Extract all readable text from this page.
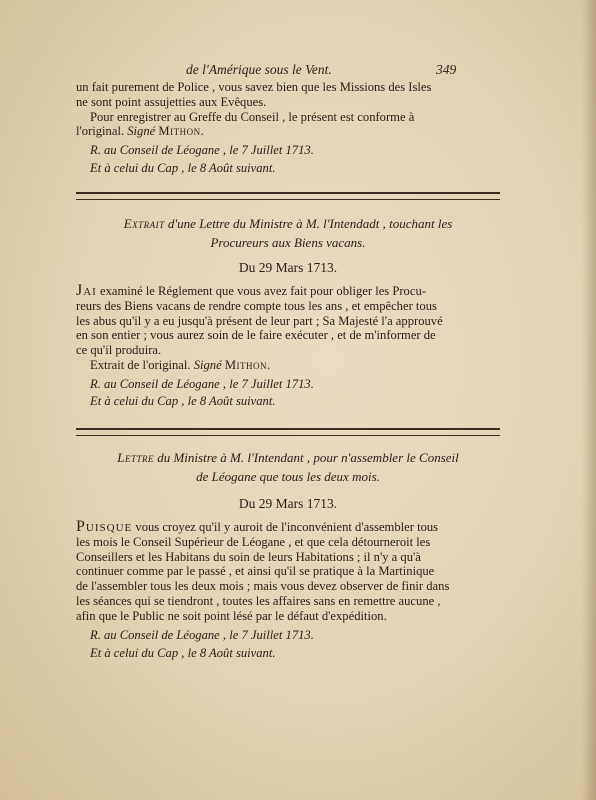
de l'Amérique sous le Vent.	349

un fait purement de Police , vous savez bien que les Missions des Isles

ne sont point assujetties aux Evêques.

Pour enregistrer au Greffe du Conseil , le présent est conforme à

l'original. Signé Mithon.

R. au Conseil de Léogane , le 7 Juillet 1713.

Et à celui du Cap , le 8 Août suivant.

Extrait d'une Lettre du Ministre à M. l'Intendadt , touchant les
Procureurs aux Biens vacans.
Du 29 Mars 1713.

Jai examiné le Réglement que vous avez fait pour obliger les Procu-

reurs des Biens vacans de rendre compte tous les ans , et empêcher tous

les abus qu'il y a eu jusqu'à présent de leur part ; Sa Majesté l'a approuvé

en son entier ; vous aurez soin de le faire exécuter , et de m'informer de

ce qu'il produira.

Extrait de l'original. Signé Mithon.

R. au Conseil de Léogane , le 7 Juillet 1713.

Et à celui du Cap , le 8 Août suivant.

Lettre du Ministre à M. l'Intendant , pour n'assembler le Conseil
de Léogane que tous les deux mois.
Du 29 Mars 1713.

Puisque vous croyez qu'il y auroit de l'inconvénient d'assembler tous

les mois le Conseil Supérieur de Léogane , et que cela détourneroit les

Conseillers et les Habitans du soin de leurs Habitations ; il n'y a qu'à

continuer comme par le passé , et ainsi qu'il se pratique à la Martinique

de l'assembler tous les deux mois ; mais vous devez observer de finir dans

les séances qui se tiendront , toutes les affaires sans en remettre aucune ,

afin que le Public ne soit point lésé par le défaut d'expédition.

R. au Conseil de Léogane , le 7 Juillet 1713.

Et à celui du Cap , le 8 Août suivant.
